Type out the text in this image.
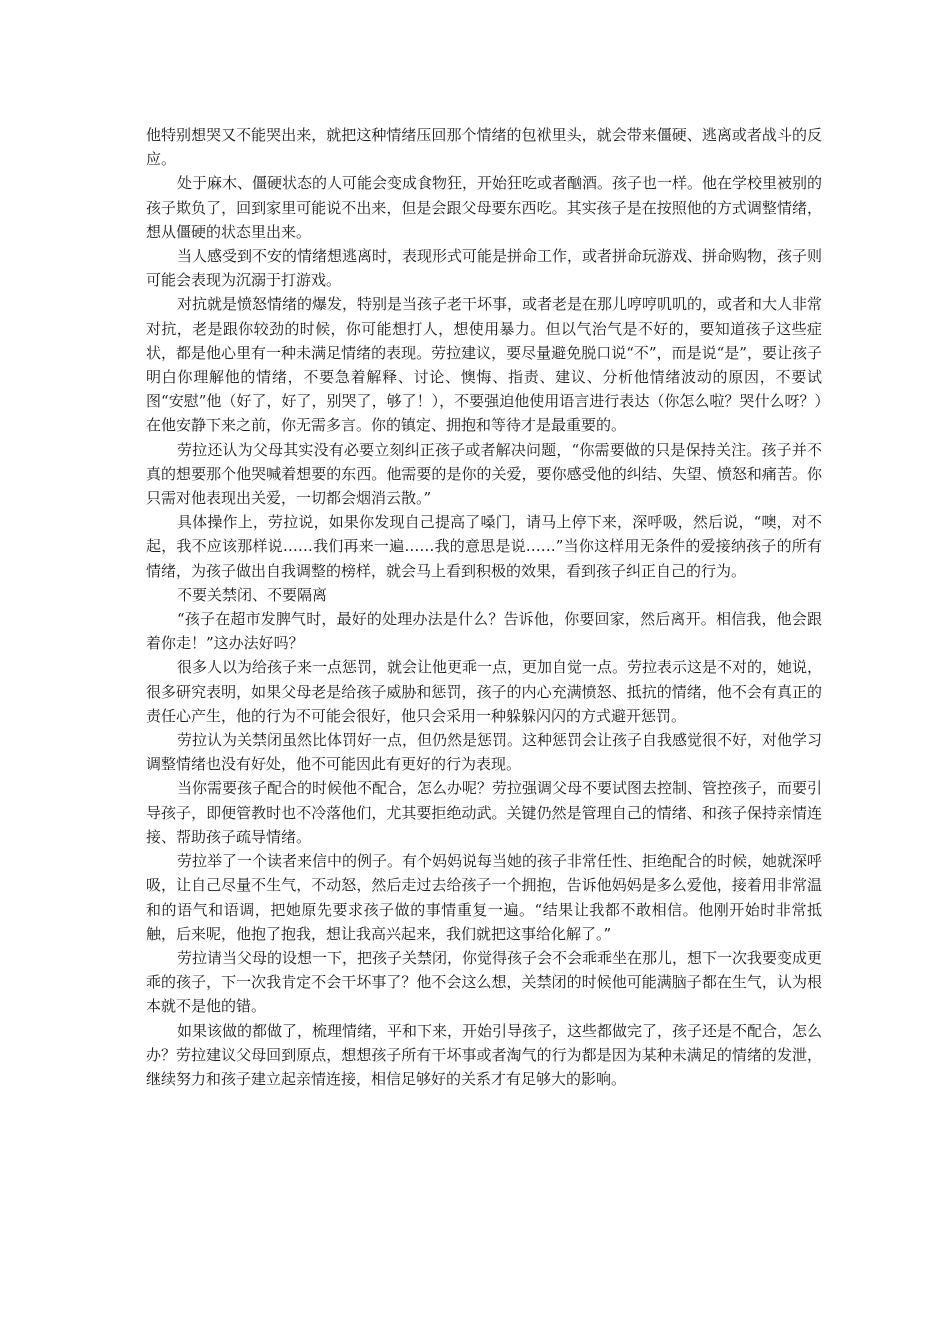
他特别想哭又不能哭出来，就把这种情绪压回那个情绪的包袱里头，就会带来僵硬、逃离或者战斗的反应。

处于麻木、僵硬状态的人可能会变成食物狂，开始狂吃或者酗酒。孩子也一样。他在学校里被别的孩子欺负了，回到家里可能说不出来，但是会跟父母要东西吃。其实孩子是在按照他的方式调整情绪，想从僵硬的状态里出来。

当人感受到不安的情绪想逃离时，表现形式可能是拼命工作，或者拼命玩游戏、拼命购物，孩子则可能会表现为沉溺于打游戏。

对抗就是愤怒情绪的爆发，特别是当孩子老干坏事，或者老是在那儿哼哼叽叽的，或者和大人非常对抗，老是跟你较劲的时候，你可能想打人，想使用暴力。但以气治气是不好的，要知道孩子这些症状，都是他心里有一种未满足情绪的表现。劳拉建议，要尽量避免脱口说“不”，而是说“是”，要让孩子明白你理解他的情绪，不要急着解释、讨论、懊悔、指责、建议、分析他情绪波动的原因，不要试图“安慰”他（好了，好了，别哭了，够了！），不要强迫他使用语言进行表达（你怎么啦？哭什么呀？）在他安静下来之前，你无需多言。你的镇定、拥抱和等待才是最重要的。

劳拉还认为父母其实没有必要立刻纠正孩子或者解决问题，“你需要做的只是保持关注。孩子并不真的想要那个他哭喊着想要的东西。他需要的是你的关爱，要你感受他的纠结、失望、愤怒和痛苦。你只需对他表现出关爱，一切都会烟消云散。”

具体操作上，劳拉说，如果你发现自己提高了嗓门，请马上停下来，深呼吸，然后说，“噢，对不起，我不应该那样说……我们再来一遍……我的意思是说……”当你这样用无条件的爱接纳孩子的所有情绪，为孩子做出自我调整的榜样，就会马上看到积极的效果，看到孩子纠正自己的行为。

不要关禁闭、不要隔离

“孩子在超市发脾气时，最好的处理办法是什么？告诉他，你要回家，然后离开。相信我，他会跟着你走！”这办法好吗？

很多人以为给孩子来一点惩罚，就会让他更乖一点，更加自觉一点。劳拉表示这是不对的，她说，很多研究表明，如果父母老是给孩子威胁和惩罚，孩子的内心充满愤怒、抵抗的情绪，他不会有真正的责任心产生，他的行为不可能会很好，他只会采用一种躲躲闪闪的方式避开惩罚。

劳拉认为关禁闭虽然比体罚好一点，但仍然是惩罚。这种惩罚会让孩子自我感觉很不好，对他学习调整情绪也没有好处，他不可能因此有更好的行为表现。

当你需要孩子配合的时候他不配合，怎么办呢？劳拉强调父母不要试图去控制、管控孩子，而要引导孩子，即便管教时也不冷落他们，尤其要拒绝动武。关键仍然是管理自己的情绪、和孩子保持亲情连接、帮助孩子疏导情绪。

劳拉举了一个读者来信中的例子。有个妈妈说每当她的孩子非常任性、拒绝配合的时候，她就深呼吸，让自己尽量不生气，不动怒，然后走过去给孩子一个拥抱，告诉他妈妈是多么爱他，接着用非常温和的语气和语调，把她原先要求孩子做的事情重复一遍。“结果让我都不敢相信。他刚开始时非常抵触，后来呢，他抱了抱我，想让我高兴起来，我们就把这事给化解了。”

劳拉请当父母的设想一下，把孩子关禁闭，你觉得孩子会不会乖乖坐在那儿，想下一次我要变成更乖的孩子，下一次我肯定不会干坏事了？他不会这么想，关禁闭的时候他可能满脑子都在生气，认为根本就不是他的错。

如果该做的都做了，梳理情绪，平和下来，开始引导孩子，这些都做完了，孩子还是不配合，怎么办？劳拉建议父母回到原点，想想孩子所有干坏事或者淘气的行为都是因为某种未满足的情绪的发泄，继续努力和孩子建立起亲情连接，相信足够好的关系才有足够大的影响。
